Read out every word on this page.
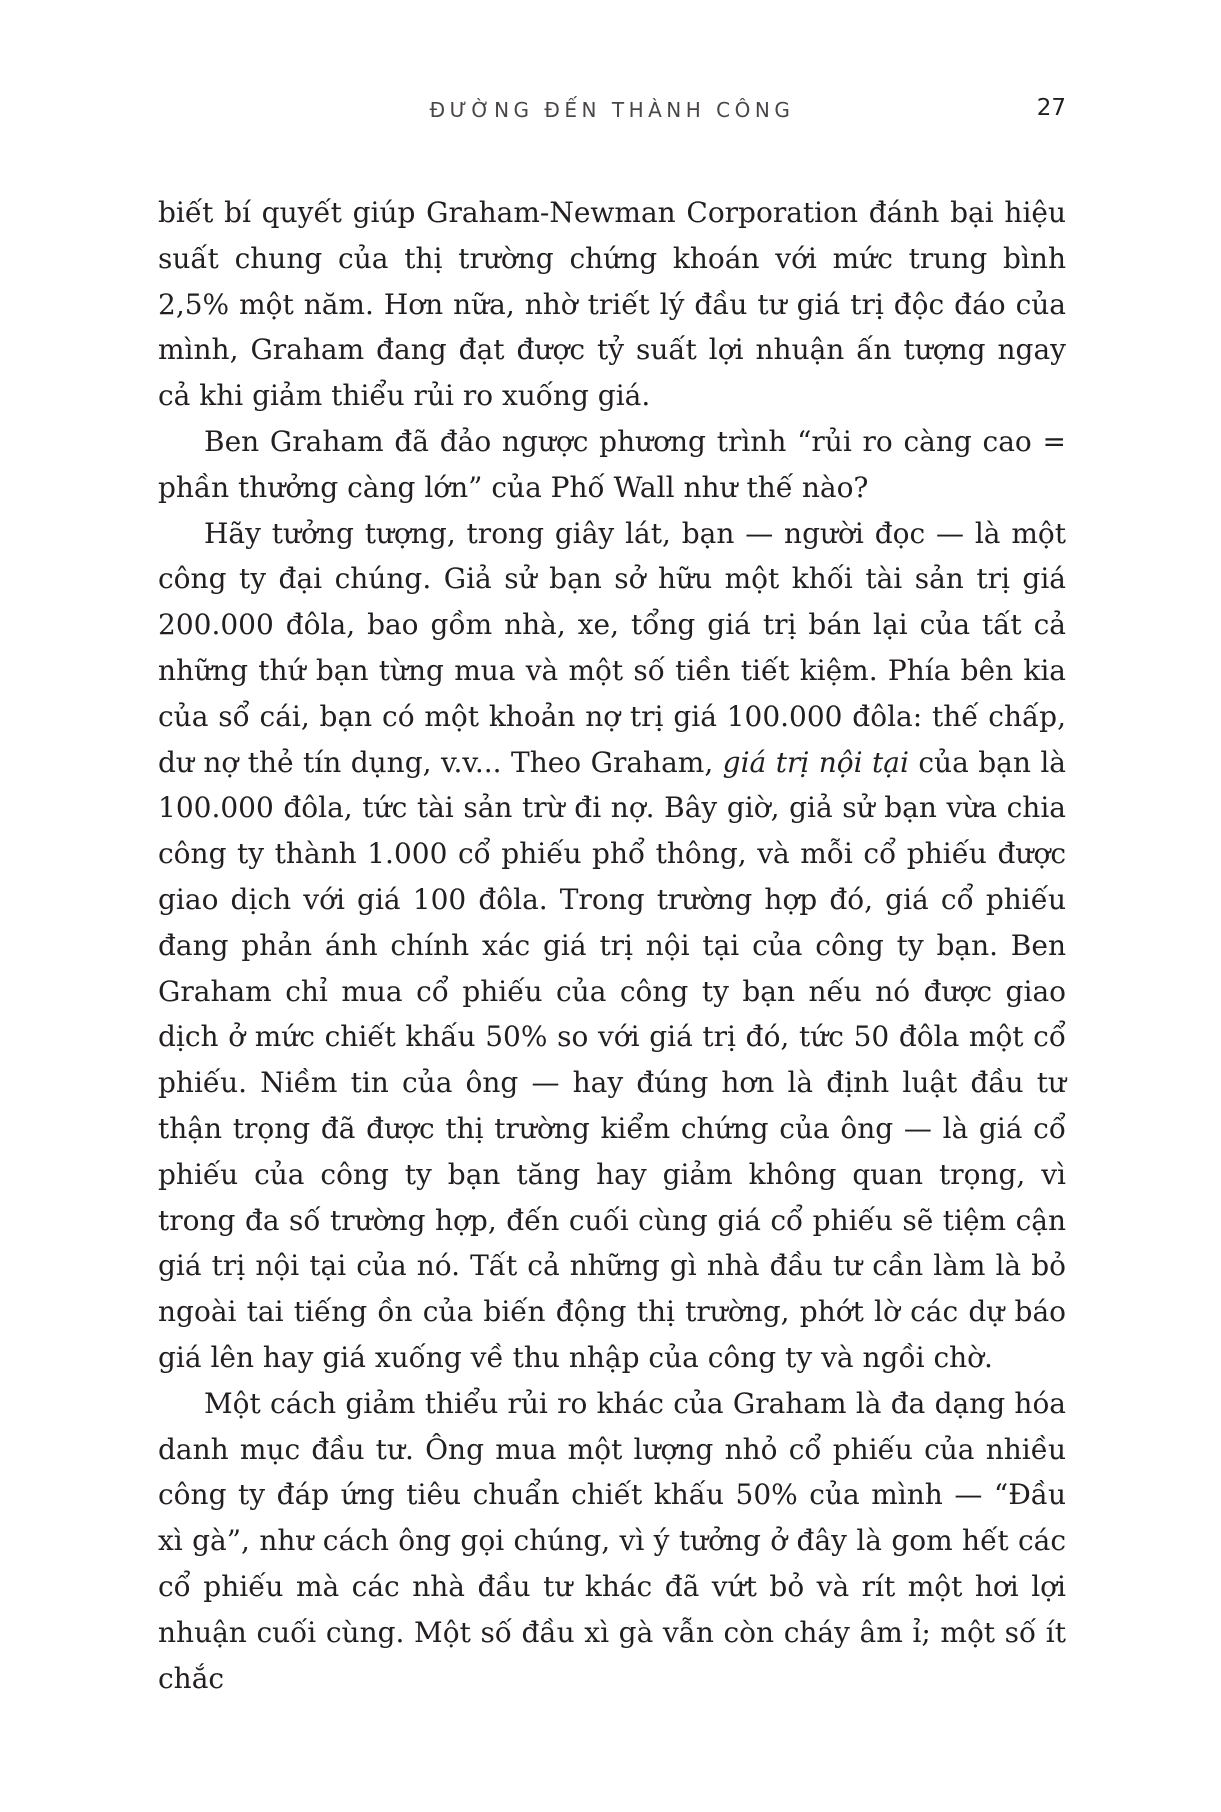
ĐƯỜNG ĐẾN THÀNH CÔNG	27

biết bí quyết giúp Graham-Newman Corporation đánh bại hiệu suất chung của thị trường chứng khoán với mức trung bình 2,5% một năm. Hơn nữa, nhờ triết lý đầu tư giá trị độc đáo của mình, Graham đang đạt được tỷ suất lợi nhuận ấn tượng ngay cả khi giảm thiểu rủi ro xuống giá.

Ben Graham đã đảo ngược phương trình “rủi ro càng cao = phần thưởng càng lớn” của Phố Wall như thế nào?

Hãy tưởng tượng, trong giây lát, bạn — người đọc — là một công ty đại chúng. Giả sử bạn sở hữu một khối tài sản trị giá 200.000 đôla, bao gồm nhà, xe, tổng giá trị bán lại của tất cả những thứ bạn từng mua và một số tiền tiết kiệm. Phía bên kia của sổ cái, bạn có một khoản nợ trị giá 100.000 đôla: thế chấp, dư nợ thẻ tín dụng, v.v... Theo Graham, giá trị nội tại của bạn là 100.000 đôla, tức tài sản trừ đi nợ. Bây giờ, giả sử bạn vừa chia công ty thành 1.000 cổ phiếu phổ thông, và mỗi cổ phiếu được giao dịch với giá 100 đôla. Trong trường hợp đó, giá cổ phiếu đang phản ánh chính xác giá trị nội tại của công ty bạn. Ben Graham chỉ mua cổ phiếu của công ty bạn nếu nó được giao dịch ở mức chiết khấu 50% so với giá trị đó, tức 50 đôla một cổ phiếu. Niềm tin của ông — hay đúng hơn là định luật đầu tư thận trọng đã được thị trường kiểm chứng của ông — là giá cổ phiếu của công ty bạn tăng hay giảm không quan trọng, vì trong đa số trường hợp, đến cuối cùng giá cổ phiếu sẽ tiệm cận giá trị nội tại của nó. Tất cả những gì nhà đầu tư cần làm là bỏ ngoài tai tiếng ồn của biến động thị trường, phớt lờ các dự báo giá lên hay giá xuống về thu nhập của công ty và ngồi chờ.

Một cách giảm thiểu rủi ro khác của Graham là đa dạng hóa danh mục đầu tư. Ông mua một lượng nhỏ cổ phiếu của nhiều công ty đáp ứng tiêu chuẩn chiết khấu 50% của mình — “Đầu xì gà”, như cách ông gọi chúng, vì ý tưởng ở đây là gom hết các cổ phiếu mà các nhà đầu tư khác đã vứt bỏ và rít một hơi lợi nhuận cuối cùng. Một số đầu xì gà vẫn còn cháy âm ỉ; một số ít chắc
